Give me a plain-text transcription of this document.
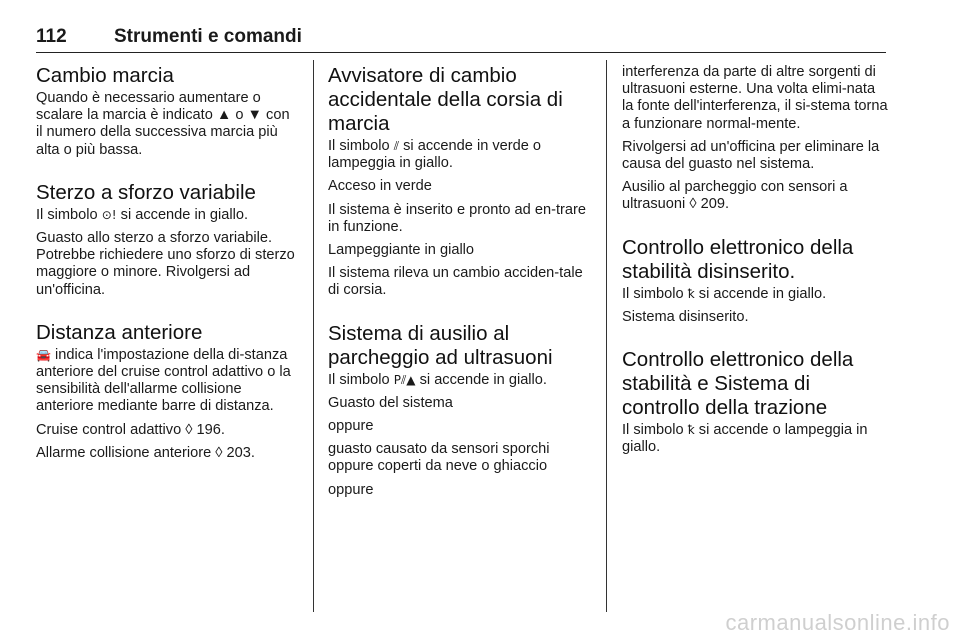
112 Strumenti e comandi
Cambio marcia

Quando è necessario aumentare o scalare la marcia è indicato ▲ o ▼ con il numero della successiva marcia più alta o più bassa.

Sterzo a sforzo variabile

Il simbolo ⊙! si accende in giallo.

Guasto allo sterzo a sforzo variabile. Potrebbe richiedere uno sforzo di sterzo maggiore o minore. Rivolgersi ad un'officina.

Distanza anteriore

🚘 indica l'impostazione della di-stanza anteriore del cruise control adattivo o la sensibilità dell'allarme collisione anteriore mediante barre di distanza.

Cruise control adattivo ◊ 196.

Allarme collisione anteriore ◊ 203.

Avvisatore di cambio accidentale della corsia di marcia

Il simbolo ⫽ si accende in verde o lampeggia in giallo.

Acceso in verde

Il sistema è inserito e pronto ad en-trare in funzione.

Lampeggiante in giallo

Il sistema rileva un cambio acciden-tale di corsia.

Sistema di ausilio al parcheggio ad ultrasuoni

Il simbolo P⫽▲ si accende in giallo.

Guasto del sistema

oppure

guasto causato da sensori sporchi oppure coperti da neve o ghiaccio

oppure

interferenza da parte di altre sorgenti di ultrasuoni esterne. Una volta elimi-nata la fonte dell'interferenza, il si-stema torna a funzionare normal-mente.

Rivolgersi ad un'officina per eliminare la causa del guasto nel sistema.

Ausilio al parcheggio con sensori a ultrasuoni ◊ 209.

Controllo elettronico della stabilità disinserito.

Il simbolo ꝁ si accende in giallo.

Sistema disinserito.

Controllo elettronico della stabilità e Sistema di controllo della trazione

Il simbolo ꝁ si accende o lampeggia in giallo.

carmanualsonline.info
